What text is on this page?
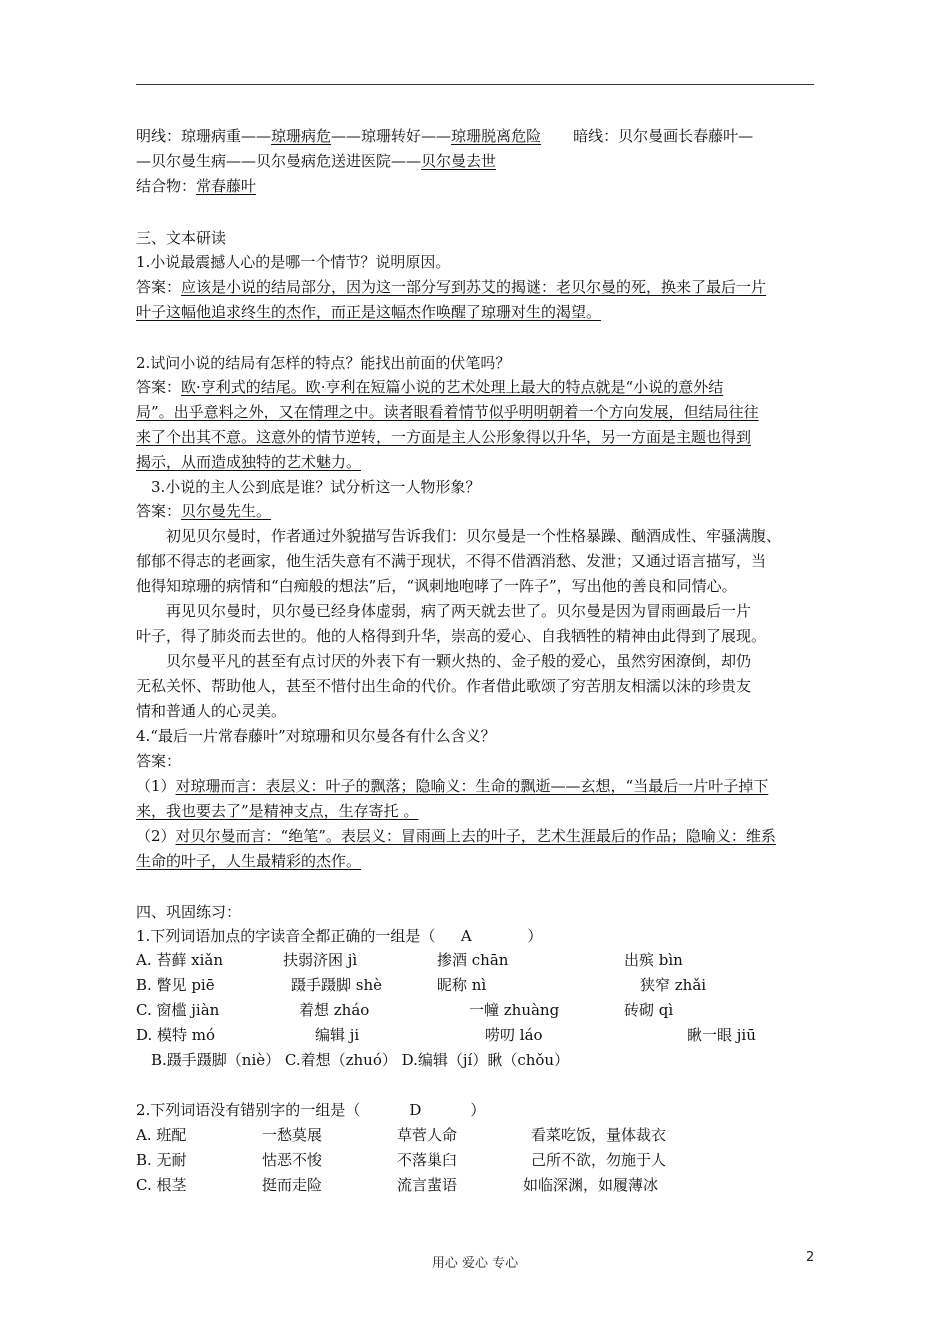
明线：琼珊病重——琼珊病危——琼珊转好——琼珊脱离危险 暗线：贝尔曼画长春藤叶—
—贝尔曼生病——贝尔曼病危送进医院——贝尔曼去世
结合物：常春藤叶
三、文本研读
1.小说最震撼人心的是哪一个情节？说明原因。
答案：应该是小说的结局部分，因为这一部分写到苏艾的揭谜：老贝尔曼的死，换来了最后一片
叶子这幅他追求终生的杰作，而正是这幅杰作唤醒了琼珊对生的渴望。
2.试问小说的结局有怎样的特点？能找出前面的伏笔吗？
答案：欧·亨利式的结尾。欧·亨利在短篇小说的艺术处理上最大的特点就是“小说的意外结
局”。出乎意料之外，又在情理之中。读者眼看着情节似乎明明朝着一个方向发展，但结局往往
来了个出其不意。这意外的情节逆转，一方面是主人公形象得以升华，另一方面是主题也得到
揭示，从而造成独特的艺术魅力。
3.小说的主人公到底是谁？试分析这一人物形象？
答案：贝尔曼先生。
初见贝尔曼时，作者通过外貌描写告诉我们：贝尔曼是一个性格暴躁、酗酒成性、牢骚满腹、
郁郁不得志的老画家，他生活失意有不满于现状，不得不借酒消愁、发泄；又通过语言描写，当
他得知琼珊的病情和“白痴般的想法”后，“讽刺地咆哮了一阵子”，写出他的善良和同情心。
再见贝尔曼时，贝尔曼已经身体虚弱，病了两天就去世了。贝尔曼是因为冒雨画最后一片
叶子，得了肺炎而去世的。他的人格得到升华，崇高的爱心、自我牺牲的精神由此得到了展现。
贝尔曼平凡的甚至有点讨厌的外表下有一颗火热的、金子般的爱心，虽然穷困潦倒，却仍
无私关怀、帮助他人，甚至不惜付出生命的代价。作者借此歌颂了穷苦朋友相濡以沫的珍贵友
情和普通人的心灵美。
4.“最后一片常春藤叶”对琼珊和贝尔曼各有什么含义？
答案：
（1）对琼珊而言：表层义：叶子的飘落；隐喻义：生命的飘逝——玄想，“当最后一片叶子掉下
来，我也要去了”是精神支点，生存寄托 。
（2）对贝尔曼而言：“绝笔”。表层义：冒雨画上去的叶子，艺术生涯最后的作品；隐喻义：维系
生命的叶子，人生最精彩的杰作。
四、巩固练习：
1.下列词语加点的字读音全都正确的一组是（ A	）
A. 苔藓 xiǎn	扶弱济困 jì	掺酒 chān	出殡 bìn
B. 瞥见 piē	蹑手蹑脚 shè	昵称 nì	狭窄 zhǎi
C. 窗槛 jiàn	着想 zháo	一幢 zhuàng	砖砌 qì
D. 模特 mó	编辑 ji	唠叨 láo	瞅一眼 jiū
B.蹑手蹑脚（niè） C.着想（zhuó） D.编辑（jí）瞅（chǒu）
2.下列词语没有错别字的一组是（	D	）
A. 班配	一愁莫展	草菅人命	看菜吃饭，量体裁衣
B. 无耐	怙恶不悛	不落巢臼	己所不欲，勿施于人
C. 根茎	挺而走险	流言蜚语	如临深渊，如履薄冰
用心 爱心 专心	2
